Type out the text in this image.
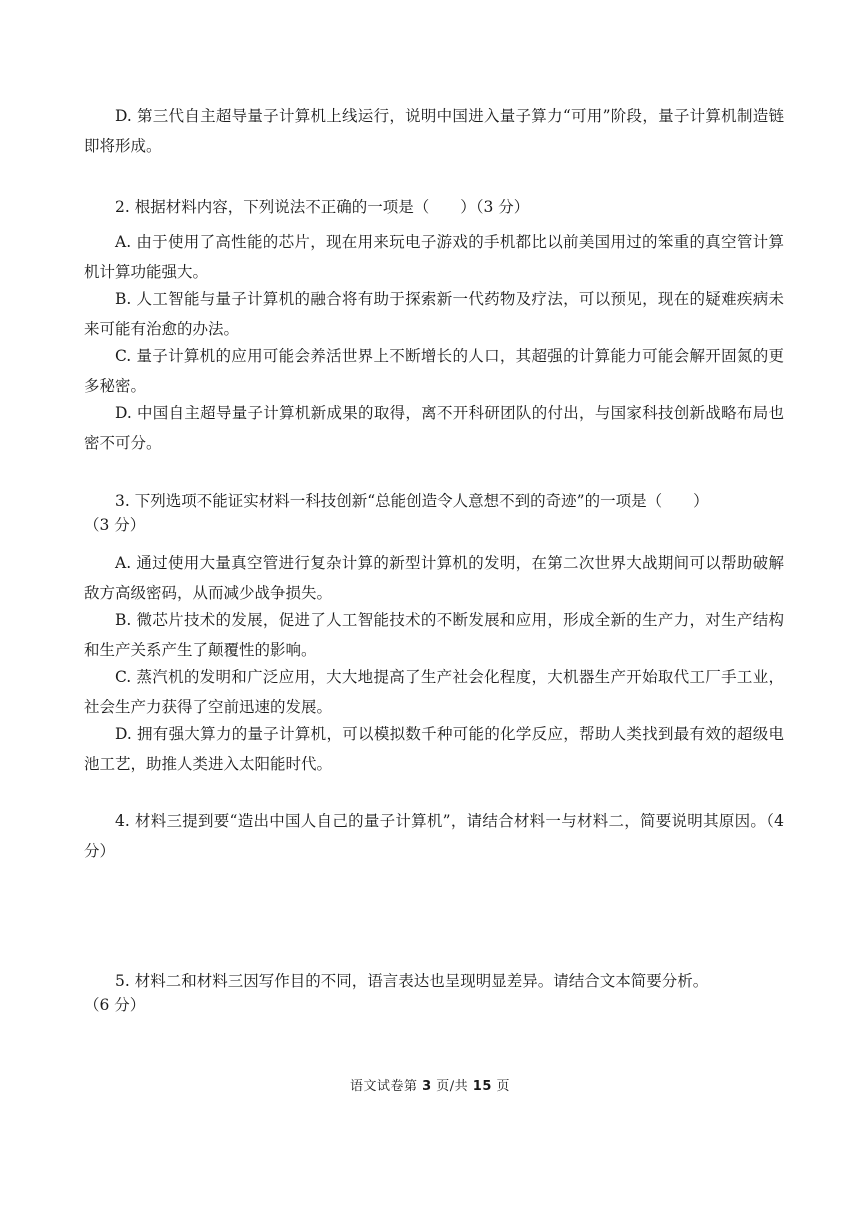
D. 第三代自主超导量子计算机上线运行，说明中国进入量子算力“可用”阶段，量子计算机制造链即将形成。

2. 根据材料内容，下列说法不正确的一项是（　　）（3 分）

A. 由于使用了高性能的芯片，现在用来玩电子游戏的手机都比以前美国用过的笨重的真空管计算机计算功能强大。

B. 人工智能与量子计算机的融合将有助于探索新一代药物及疗法，可以预见，现在的疑难疾病未来可能有治愈的办法。

C. 量子计算机的应用可能会养活世界上不断增长的人口，其超强的计算能力可能会解开固氮的更多秘密。

D. 中国自主超导量子计算机新成果的取得，离不开科研团队的付出，与国家科技创新战略布局也密不可分。

3. 下列选项不能证实材料一科技创新“总能创造令人意想不到的奇迹”的一项是（　　）

（3 分）

A. 通过使用大量真空管进行复杂计算的新型计算机的发明，在第二次世界大战期间可以帮助破解敌方高级密码，从而减少战争损失。

B. 微芯片技术的发展，促进了人工智能技术的不断发展和应用，形成全新的生产力，对生产结构和生产关系产生了颠覆性的影响。

C. 蒸汽机的发明和广泛应用，大大地提高了生产社会化程度，大机器生产开始取代工厂手工业，社会生产力获得了空前迅速的发展。

D. 拥有强大算力的量子计算机，可以模拟数千种可能的化学反应，帮助人类找到最有效的超级电池工艺，助推人类进入太阳能时代。

4. 材料三提到要“造出中国人自己的量子计算机”，请结合材料一与材料二，简要说明其原因。（4 分）

5. 材料二和材料三因写作目的不同，语言表达也呈现明显差异。请结合文本简要分析。

（6 分）

语文试卷第 3 页/共 15 页
